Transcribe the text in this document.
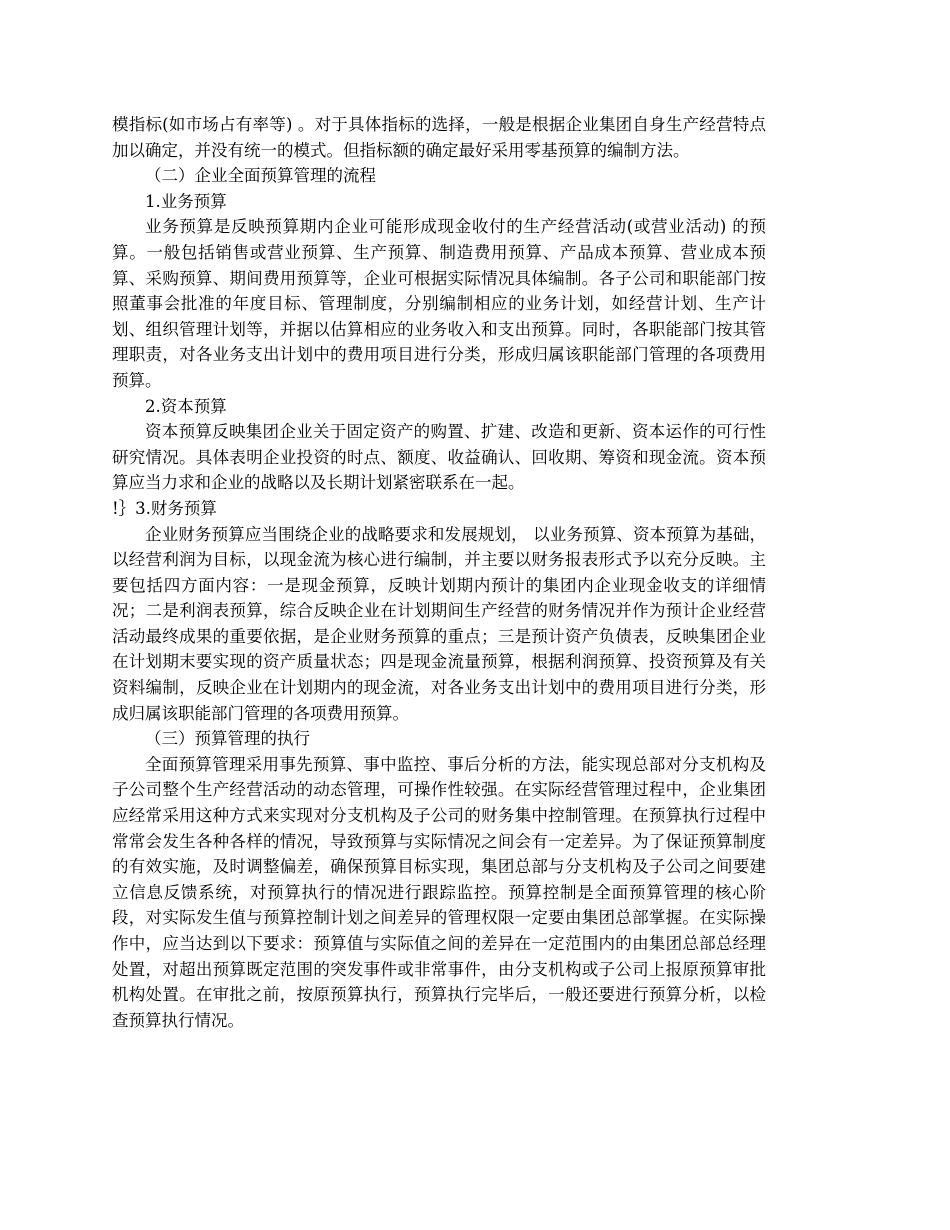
模指标(如市场占有率等) 。对于具体指标的选择，一般是根据企业集团自身生产经营特点加以确定，并没有统一的模式。但指标额的确定最好采用零基预算的编制方法。

（二）企业全面预算管理的流程

1.业务预算

业务预算是反映预算期内企业可能形成现金收付的生产经营活动(或营业活动) 的预算。一般包括销售或营业预算、生产预算、制造费用预算、产品成本预算、营业成本预算、采购预算、期间费用预算等，企业可根据实际情况具体编制。各子公司和职能部门按照董事会批准的年度目标、管理制度，分别编制相应的业务计划，如经营计划、生产计划、组织管理计划等，并据以估算相应的业务收入和支出预算。同时，各职能部门按其管理职责，对各业务支出计划中的费用项目进行分类，形成归属该职能部门管理的各项费用预算。

2.资本预算

资本预算反映集团企业关于固定资产的购置、扩建、改造和更新、资本运作的可行性研究情况。具体表明企业投资的时点、额度、收益确认、回收期、筹资和现金流。资本预算应当力求和企业的战略以及长期计划紧密联系在一起。

!｝3.财务预算

企业财务预算应当围绕企业的战略要求和发展规划， 以业务预算、资本预算为基础，以经营利润为目标，以现金流为核心进行编制，并主要以财务报表形式予以充分反映。主要包括四方面内容：一是现金预算，反映计划期内预计的集团内企业现金收支的详细情况；二是利润表预算，综合反映企业在计划期间生产经营的财务情况并作为预计企业经营活动最终成果的重要依据，是企业财务预算的重点；三是预计资产负债表，反映集团企业在计划期末要实现的资产质量状态；四是现金流量预算，根据利润预算、投资预算及有关资料编制，反映企业在计划期内的现金流，对各业务支出计划中的费用项目进行分类，形成归属该职能部门管理的各项费用预算。

（三）预算管理的执行

全面预算管理采用事先预算、事中监控、事后分析的方法，能实现总部对分支机构及子公司整个生产经营活动的动态管理，可操作性较强。在实际经营管理过程中，企业集团应经常采用这种方式来实现对分支机构及子公司的财务集中控制管理。在预算执行过程中常常会发生各种各样的情况，导致预算与实际情况之间会有一定差异。为了保证预算制度的有效实施，及时调整偏差，确保预算目标实现，集团总部与分支机构及子公司之间要建立信息反馈系统，对预算执行的情况进行跟踪监控。预算控制是全面预算管理的核心阶段，对实际发生值与预算控制计划之间差异的管理权限一定要由集团总部掌握。在实际操作中，应当达到以下要求：预算值与实际值之间的差异在一定范围内的由集团总部总经理处置，对超出预算既定范围的突发事件或非常事件，由分支机构或子公司上报原预算审批机构处置。在审批之前，按原预算执行，预算执行完毕后，一般还要进行预算分析，以检查预算执行情况。
